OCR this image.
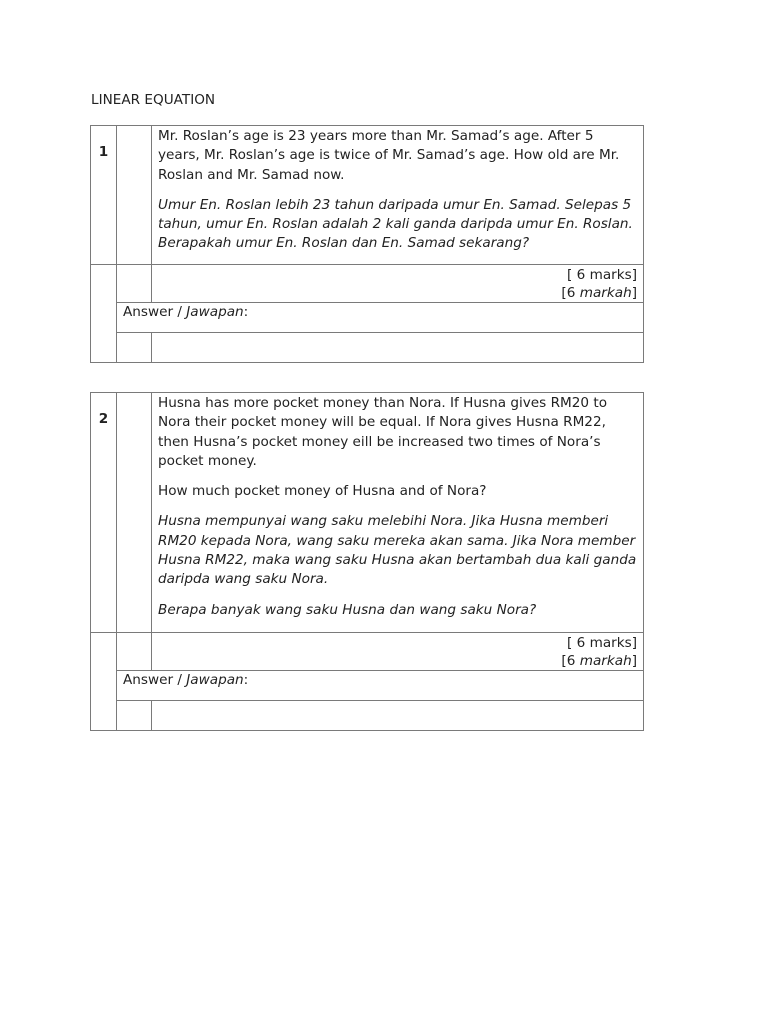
LINEAR EQUATION
1		Mr. Roslan’s age is 23 years more than Mr. Samad’s age. After 5 years, Mr. Roslan’s age is twice of Mr. Samad’s age. How old are Mr. Roslan and Mr. Samad now.

Umur En. Roslan lebih 23 tahun daripada umur En. Samad. Selepas 5 tahun, umur En. Roslan adalah 2 kali ganda daripda umur En. Roslan. Berapakah umur En. Roslan dan En. Samad sekarang?

		[ 6 marks]
[6 markah]

	Answer / Jawapan:	

2		Husna has more pocket money than Nora. If Husna gives RM20 to Nora their pocket money will be equal. If Nora gives Husna RM22, then Husna’s pocket money eill be increased two times of Nora’s pocket money.

How much pocket money of Husna and of Nora?

Husna mempunyai wang saku melebihi Nora. Jika Husna memberi RM20 kepada Nora, wang saku mereka akan sama. Jika Nora member Husna RM22, maka wang saku Husna akan bertambah dua kali ganda daripda wang saku Nora.

Berapa banyak wang saku Husna dan wang saku Nora?

		[ 6 marks]
[6 markah]

	Answer / Jawapan:	
